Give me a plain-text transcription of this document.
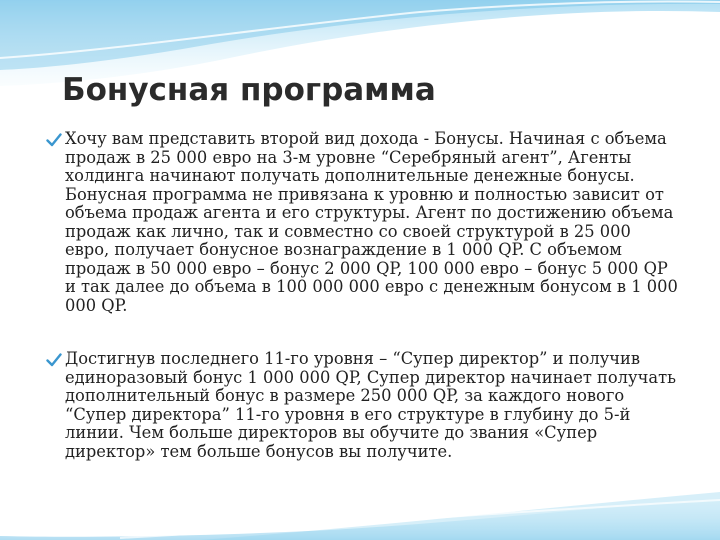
Бонусная программа

Хочу вам представить второй вид дохода - Бонусы. Начиная с объема продаж в 25 000 евро на 3-м уровне “Серебряный агент”, Агенты холдинга начинают получать дополнительные денежные бонусы. Бонусная программа не привязана к уровню и полностью зависит от объема продаж агента и его структуры. Агент по достижению объема продаж как лично, так и совместно со своей структурой в 25 000 евро, получает бонусное вознаграждение в 1 000 QP. С объемом продаж в 50 000 евро – бонус 2 000 QP, 100 000 евро – бонус 5 000 QP и так далее до объема в 100 000 000 евро с денежным бонусом в 1 000 000 QP.

Достигнув последнего 11-го уровня – “Супер директор” и получив единоразовый бонус 1 000 000 QP, Супер директор начинает получать дополнительный бонус в размере 250 000 QP, за каждого нового “Супер директора” 11-го уровня в его структуре в глубину до 5-й линии. Чем больше директоров вы обучите до звания «Супер директор» тем больше бонусов вы получите.
